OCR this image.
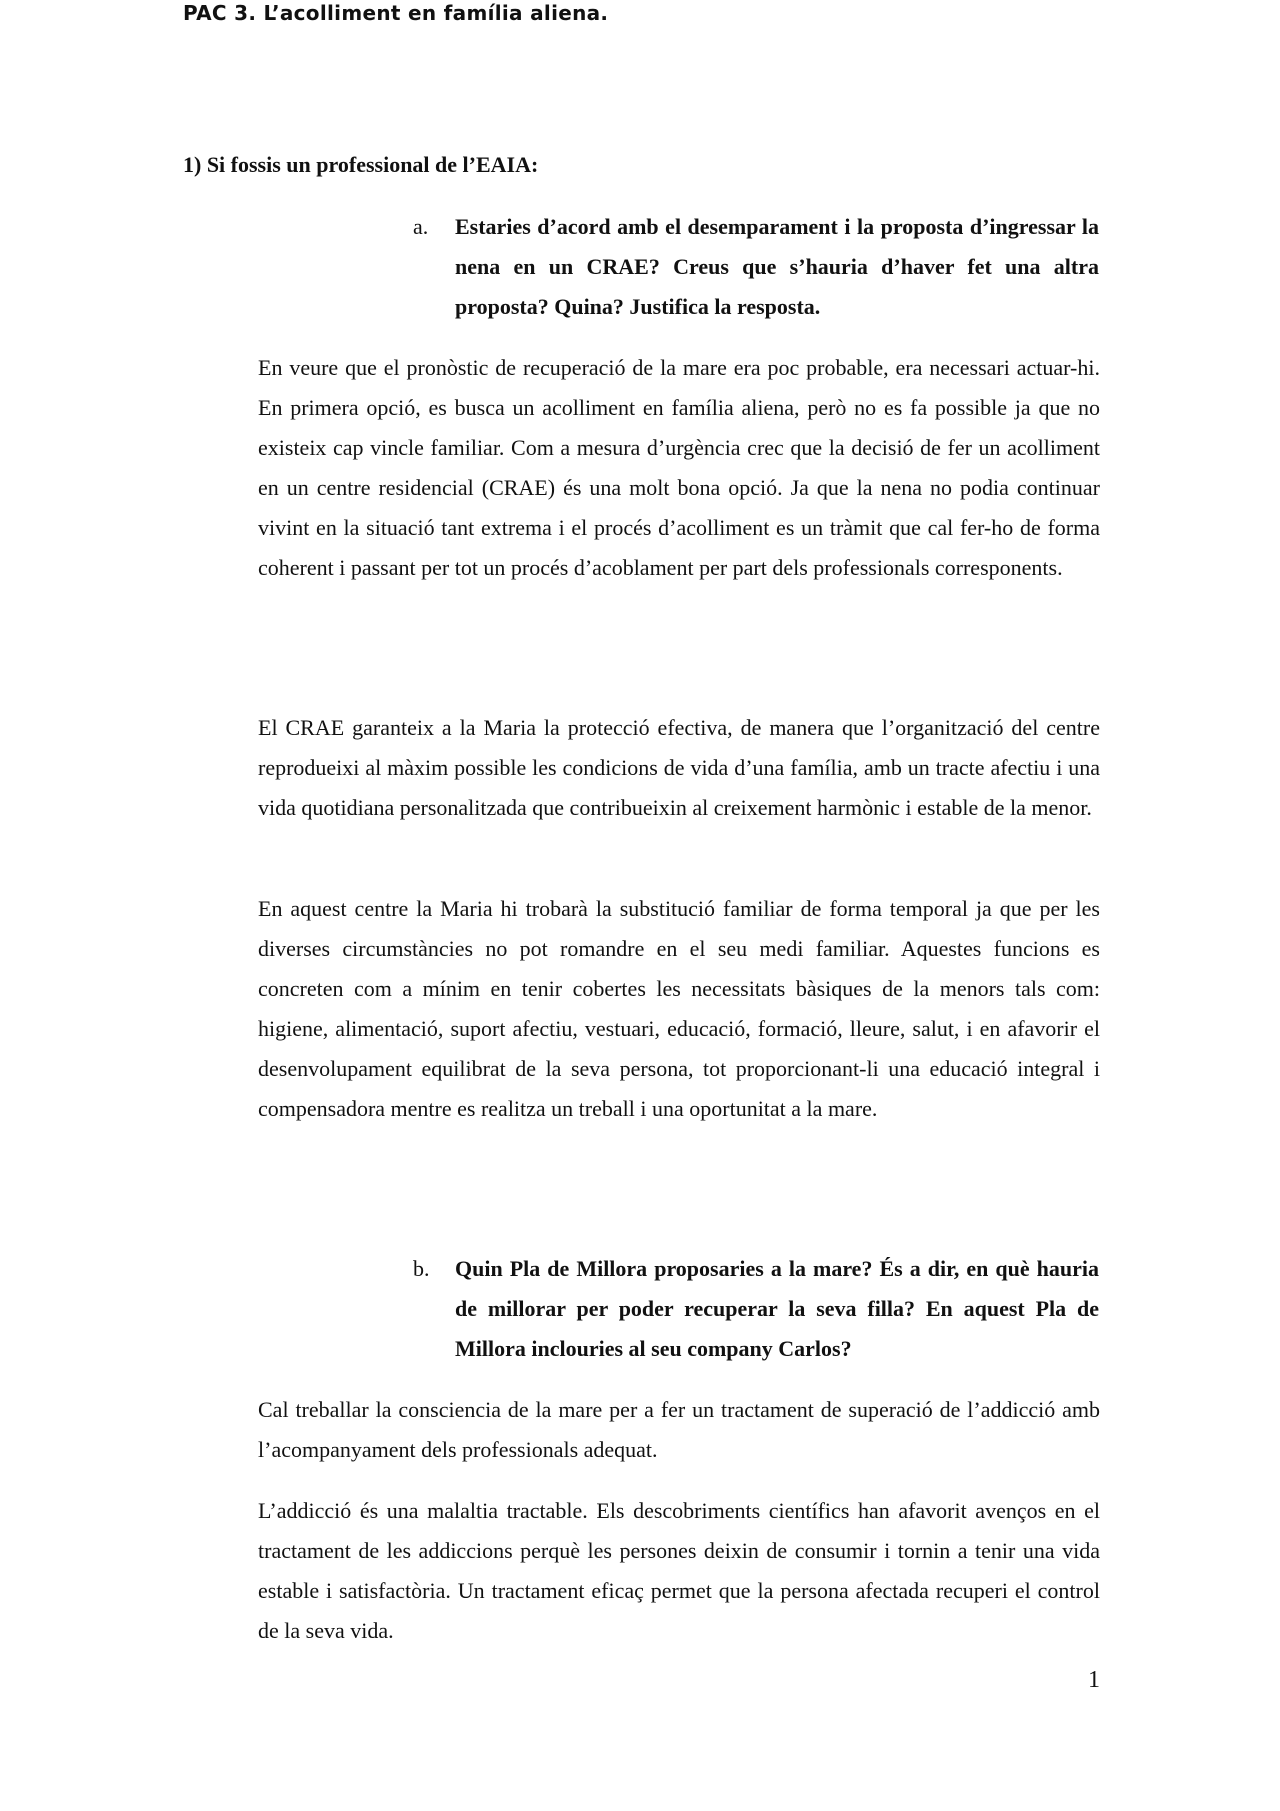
PAC 3. L’acolliment en família aliena.
1) Si fossis un professional de l’EAIA:
a.	Estaries d’acord amb el desemparament i la proposta d’ingressar la nena en un CRAE? Creus que s’hauria d’haver fet una altra proposta? Quina? Justifica la resposta.

En veure que el pronòstic de recuperació de la mare era poc probable, era necessari actuar-hi. En primera opció, es busca un acolliment en família aliena, però no es fa possible ja que no existeix cap vincle familiar. Com a mesura d’urgència crec que la decisió de fer un acolliment en un centre residencial (CRAE) és una molt bona opció. Ja que la nena no podia continuar vivint en la situació tant extrema i el procés d’acolliment es un tràmit que cal fer-ho de forma coherent i passant per tot un procés d’acoblament per part dels professionals corresponents.

El CRAE garanteix a la Maria la protecció efectiva, de manera que l’organització del centre reprodueixi al màxim possible les condicions de vida d’una família, amb un tracte afectiu i una vida quotidiana personalitzada que contribueixin al creixement harmònic i estable de la menor.

En aquest centre la Maria hi trobarà la substitució familiar de forma temporal ja que per les diverses circumstàncies no pot romandre en el seu medi familiar. Aquestes funcions es concreten com a mínim en tenir cobertes les necessitats bàsiques de la menors tals com: higiene, alimentació, suport afectiu, vestuari, educació, formació, lleure, salut, i en afavorir el desenvolupament equilibrat de la seva persona, tot proporcionant-li una educació integral i compensadora mentre es realitza un treball i una oportunitat a la mare.

b.	Quin Pla de Millora proposaries a la mare? És a dir, en què hauria de millorar per poder recuperar la seva filla? En aquest Pla de Millora inclouries al seu company Carlos?

Cal treballar la consciencia de la mare per a fer un tractament de superació de l’addicció amb l’acompanyament dels professionals adequat.

L’addicció és una malaltia tractable. Els descobriments científics han afavorit avenços en el tractament de les addiccions perquè les persones deixin de consumir i tornin a tenir una vida estable i satisfactòria. Un tractament eficaç permet que la persona afectada recuperi el control de la seva vida.

1
